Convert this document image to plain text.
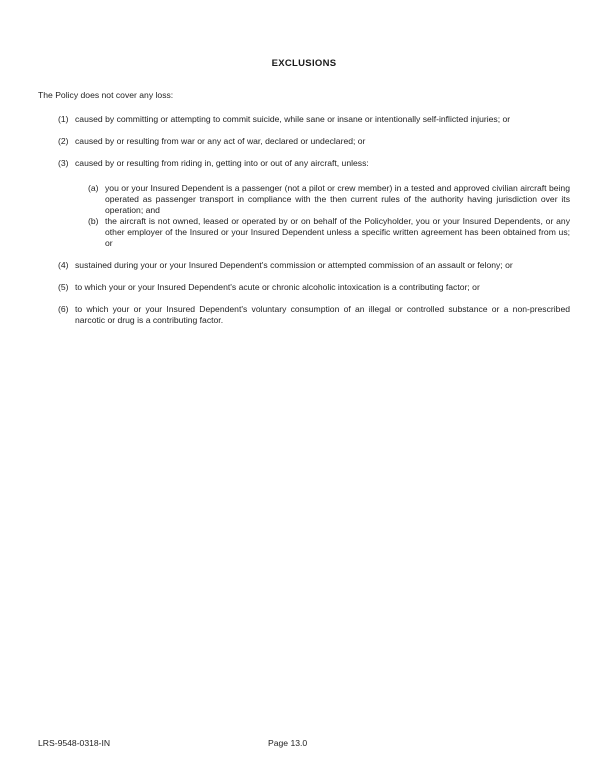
EXCLUSIONS

The Policy does not cover any loss:

(1) caused by committing or attempting to commit suicide, while sane or insane or intentionally self-inflicted injuries; or
(2) caused by or resulting from war or any act of war, declared or undeclared; or
(3) caused by or resulting from riding in, getting into or out of any aircraft, unless:
(a) you or your Insured Dependent is a passenger (not a pilot or crew member) in a tested and approved civilian aircraft being operated as passenger transport in compliance with the then current rules of the authority having jurisdiction over its operation; and
(b) the aircraft is not owned, leased or operated by or on behalf of the Policyholder, you or your Insured Dependents, or any other employer of the Insured or your Insured Dependent unless a specific written agreement has been obtained from us; or
(4) sustained during your or your Insured Dependent's commission or attempted commission of an assault or felony; or
(5) to which your or your Insured Dependent's acute or chronic alcoholic intoxication is a contributing factor; or
(6) to which your or your Insured Dependent's voluntary consumption of an illegal or controlled substance or a non-prescribed narcotic or drug is a contributing factor.
LRS-9548-0318-IN	Page 13.0
